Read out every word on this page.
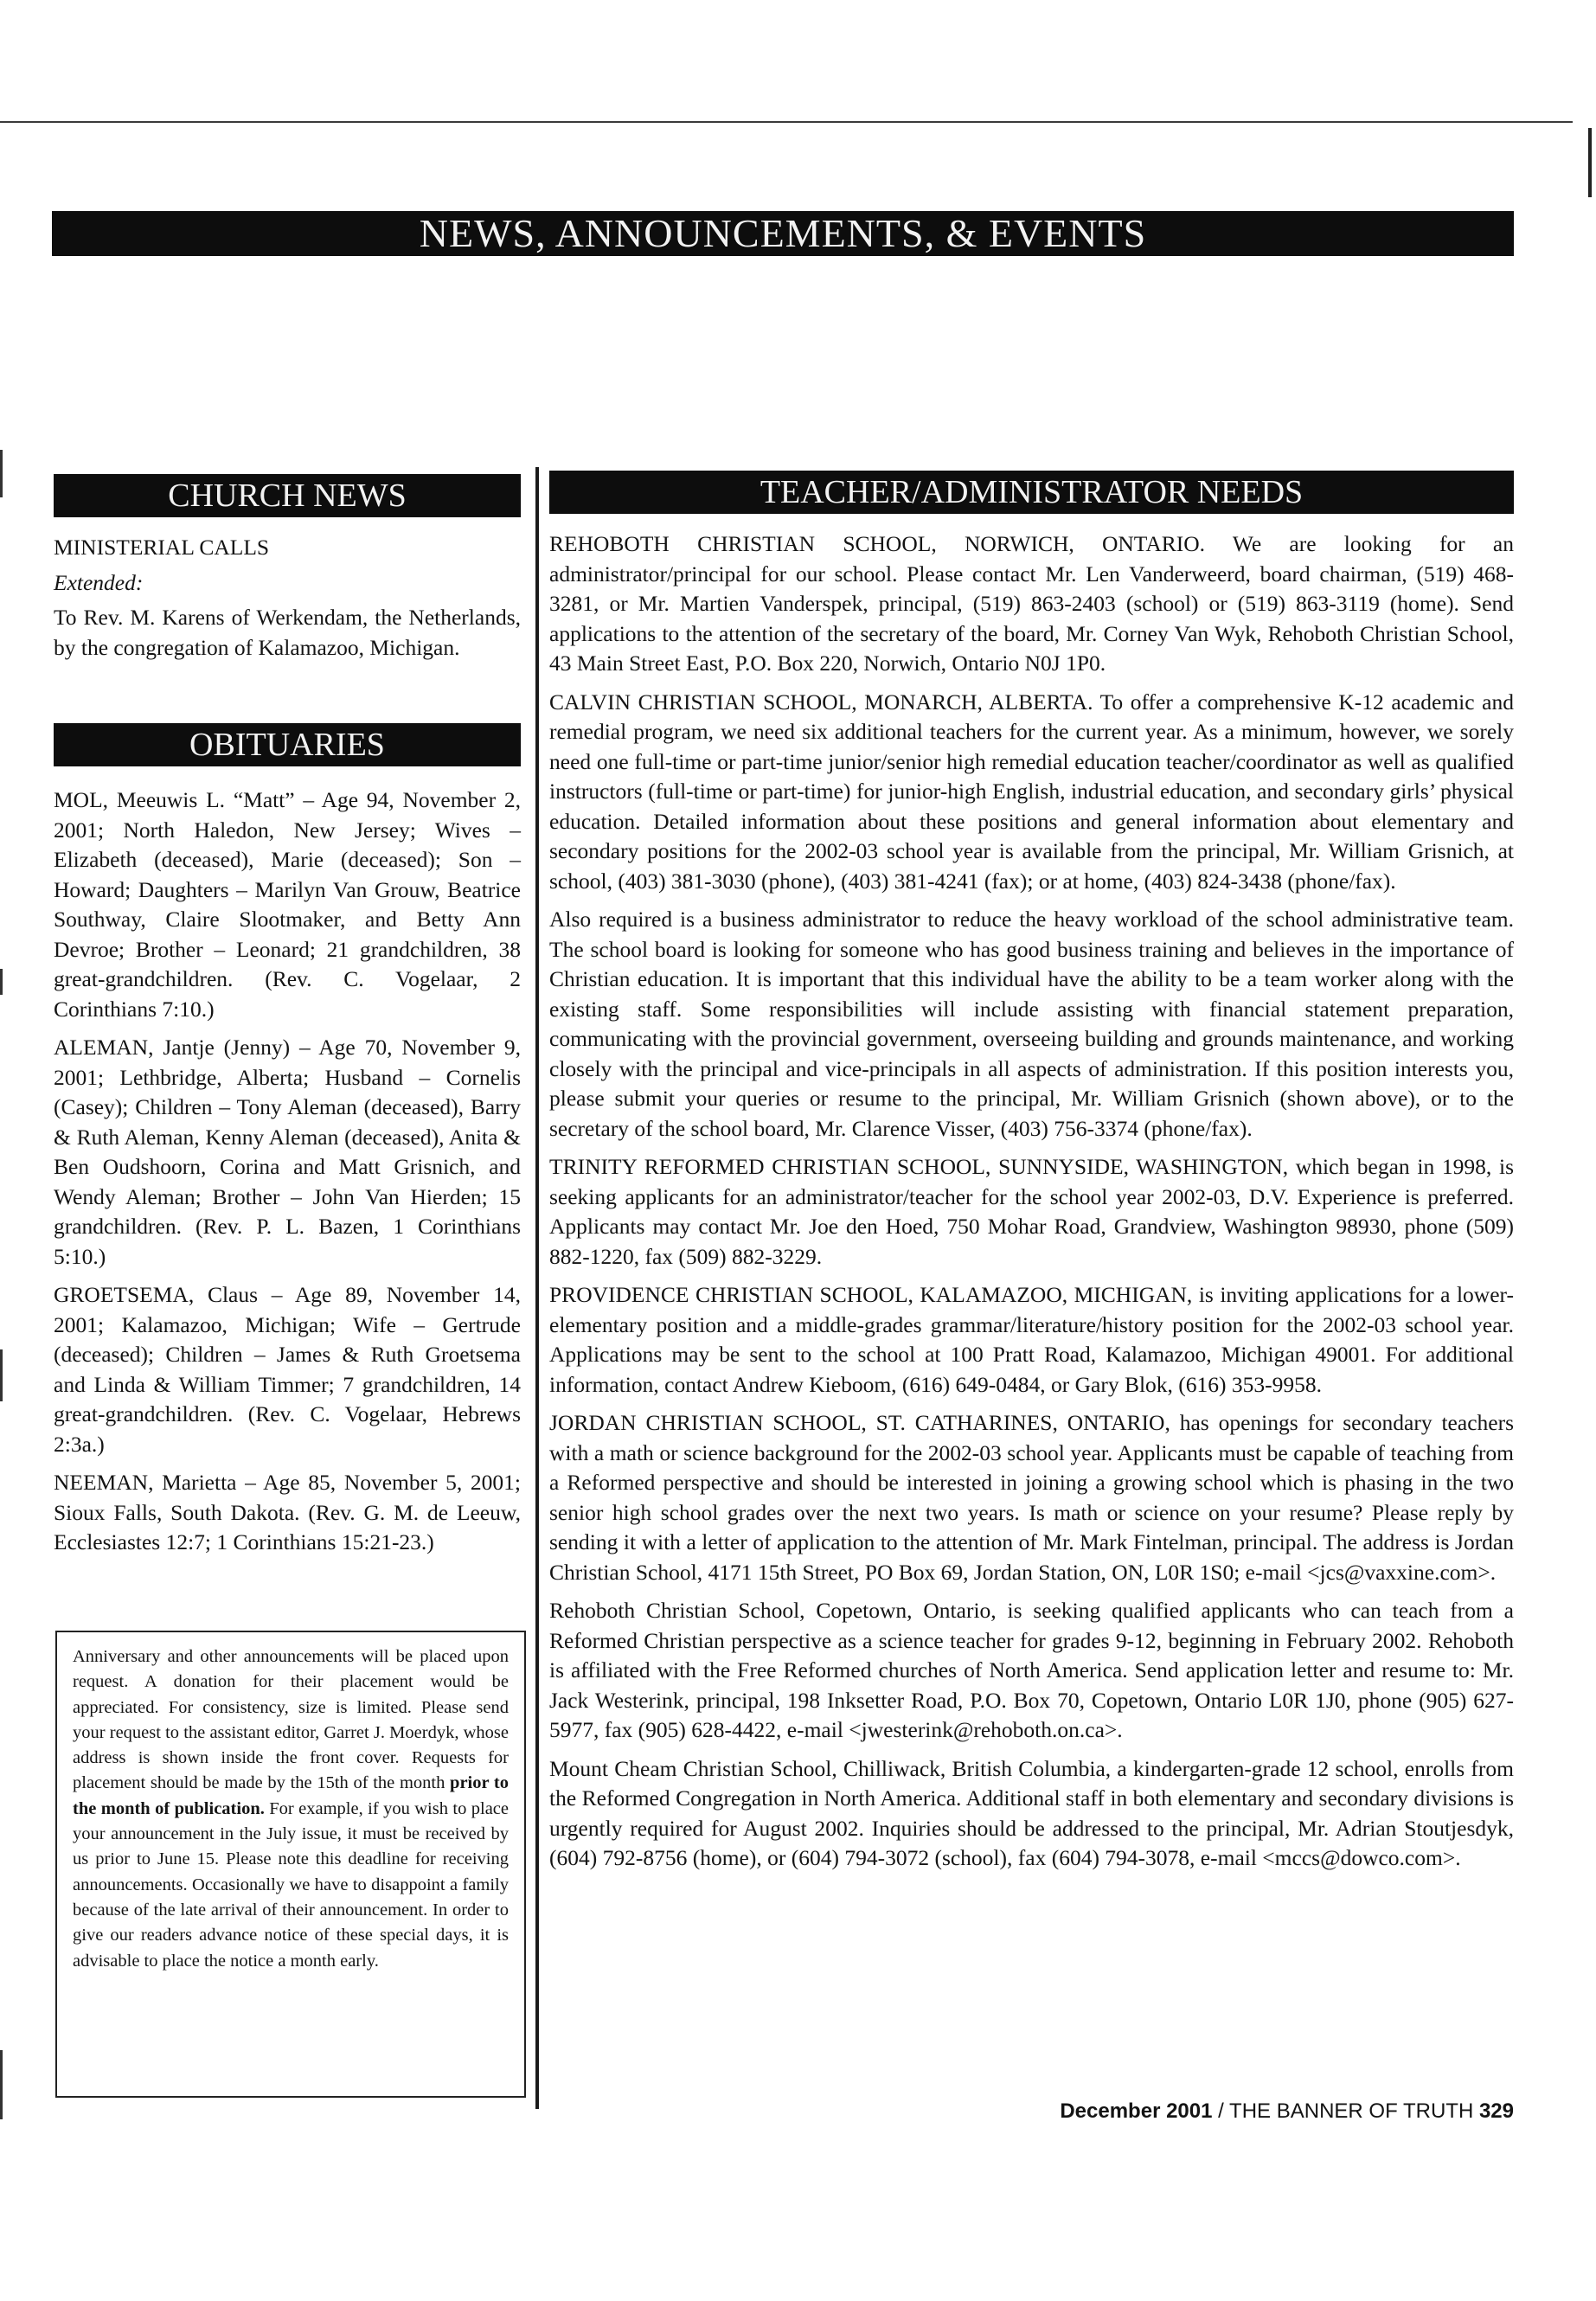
NEWS, ANNOUNCEMENTS, & EVENTS
CHURCH NEWS
MINISTERIAL CALLS
Extended:

To Rev. M. Karens of Werkendam, the Netherlands, by the congregation of Kalamazoo, Michigan.

OBITUARIES

MOL, Meeuwis L. “Matt” – Age 94, November 2, 2001; North Haledon, New Jersey; Wives – Elizabeth (deceased), Marie (deceased); Son – Howard; Daughters – Marilyn Van Grouw, Beatrice Southway, Claire Slootmaker, and Betty Ann Devroe; Brother – Leonard; 21 grandchildren, 38 great-grandchildren. (Rev. C. Vogelaar, 2 Corinthians 7:10.)

ALEMAN, Jantje (Jenny) – Age 70, November 9, 2001; Lethbridge, Alberta; Husband – Cornelis (Casey); Children – Tony Aleman (deceased), Barry & Ruth Aleman, Kenny Aleman (deceased), Anita & Ben Oudshoorn, Corina and Matt Grisnich, and Wendy Aleman; Brother – John Van Hierden; 15 grandchildren. (Rev. P. L. Bazen, 1 Corinthians 5:10.)

GROETSEMA, Claus – Age 89, November 14, 2001; Kalamazoo, Michigan; Wife – Gertrude (deceased); Children – James & Ruth Groetsema and Linda & William Timmer; 7 grandchildren, 14 great-grandchildren. (Rev. C. Vogelaar, Hebrews 2:3a.)

NEEMAN, Marietta – Age 85, November 5, 2001; Sioux Falls, South Dakota. (Rev. G. M. de Leeuw, Ecclesiastes 12:7; 1 Corinthians 15:21-23.)

Anniversary and other announcements will be placed upon request. A donation for their placement would be appreciated. For consistency, size is limited. Please send your request to the assistant editor, Garret J. Moerdyk, whose address is shown inside the front cover. Requests for placement should be made by the 15th of the month prior to the month of publication. For example, if you wish to place your announcement in the July issue, it must be received by us prior to June 15. Please note this deadline for receiving announcements. Occasionally we have to disappoint a family because of the late arrival of their announcement. In order to give our readers advance notice of these special days, it is advisable to place the notice a month early.
TEACHER/ADMINISTRATOR NEEDS

REHOBOTH CHRISTIAN SCHOOL, NORWICH, ONTARIO. We are looking for an administrator/principal for our school. Please contact Mr. Len Vanderweerd, board chairman, (519) 468-3281, or Mr. Martien Vanderspek, principal, (519) 863-2403 (school) or (519) 863-3119 (home). Send applications to the attention of the secretary of the board, Mr. Corney Van Wyk, Rehoboth Christian School, 43 Main Street East, P.O. Box 220, Norwich, Ontario N0J 1P0.

CALVIN CHRISTIAN SCHOOL, MONARCH, ALBERTA. To offer a comprehensive K-12 academic and remedial program, we need six additional teachers for the current year. As a minimum, however, we sorely need one full-time or part-time junior/senior high remedial education teacher/coordinator as well as qualified instructors (full-time or part-time) for junior-high English, industrial education, and secondary girls’ physical education. Detailed information about these positions and general information about elementary and secondary positions for the 2002-03 school year is available from the principal, Mr. William Grisnich, at school, (403) 381-3030 (phone), (403) 381-4241 (fax); or at home, (403) 824-3438 (phone/fax).

Also required is a business administrator to reduce the heavy workload of the school administrative team. The school board is looking for someone who has good business training and believes in the importance of Christian education. It is important that this individual have the ability to be a team worker along with the existing staff. Some responsibilities will include assisting with financial statement preparation, communicating with the provincial government, overseeing building and grounds maintenance, and working closely with the principal and vice-principals in all aspects of administration. If this position interests you, please submit your queries or resume to the principal, Mr. William Grisnich (shown above), or to the secretary of the school board, Mr. Clarence Visser, (403) 756-3374 (phone/fax).

TRINITY REFORMED CHRISTIAN SCHOOL, SUNNYSIDE, WASHINGTON, which began in 1998, is seeking applicants for an administrator/teacher for the school year 2002-03, D.V. Experience is preferred. Applicants may contact Mr. Joe den Hoed, 750 Mohar Road, Grandview, Washington 98930, phone (509) 882-1220, fax (509) 882-3229.

PROVIDENCE CHRISTIAN SCHOOL, KALAMAZOO, MICHIGAN, is inviting applications for a lower-elementary position and a middle-grades grammar/literature/history position for the 2002-03 school year. Applications may be sent to the school at 100 Pratt Road, Kalamazoo, Michigan 49001. For additional information, contact Andrew Kieboom, (616) 649-0484, or Gary Blok, (616) 353-9958.

JORDAN CHRISTIAN SCHOOL, ST. CATHARINES, ONTARIO, has openings for secondary teachers with a math or science background for the 2002-03 school year. Applicants must be capable of teaching from a Reformed perspective and should be interested in joining a growing school which is phasing in the two senior high school grades over the next two years. Is math or science on your resume? Please reply by sending it with a letter of application to the attention of Mr. Mark Fintelman, principal. The address is Jordan Christian School, 4171 15th Street, PO Box 69, Jordan Station, ON, L0R 1S0; e-mail <jcs@vaxxine.com>.

Rehoboth Christian School, Copetown, Ontario, is seeking qualified applicants who can teach from a Reformed Christian perspective as a science teacher for grades 9-12, beginning in February 2002. Rehoboth is affiliated with the Free Reformed churches of North America. Send application letter and resume to: Mr. Jack Westerink, principal, 198 Inksetter Road, P.O. Box 70, Copetown, Ontario L0R 1J0, phone (905) 627-5977, fax (905) 628-4422, e-mail <jwesterink@rehoboth.on.ca>.

Mount Cheam Christian School, Chilliwack, British Columbia, a kindergarten-grade 12 school, enrolls from the Reformed Congregation in North America. Additional staff in both elementary and secondary divisions is urgently required for August 2002. Inquiries should be addressed to the principal, Mr. Adrian Stoutjesdyk, (604) 792-8756 (home), or (604) 794-3072 (school), fax (604) 794-3078, e-mail <mccs@dowco.com>.

December 2001 / THE BANNER OF TRUTH 329
